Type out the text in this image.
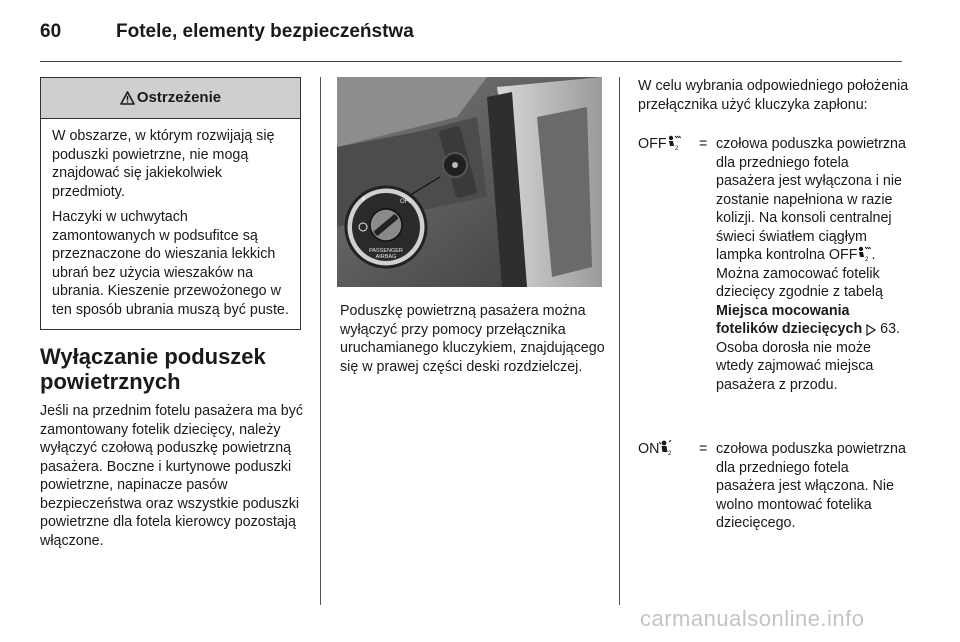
60	Fotele, elementy bezpieczeństwa
Ostrzeżenie

W obszarze, w którym rozwijają się poduszki powietrzne, nie mogą znajdować się jakiekolwiek przedmioty.

Haczyki w uchwytach zamontowanych w podsufitce są przeznaczone do wieszania lekkich ubrań bez użycia wieszaków na ubrania. Kieszenie przewożonego w ten sposób ubrania muszą być puste.

Wyłączanie poduszek powietrznych
Jeśli na przednim fotelu pasażera ma być zamontowany fotelik dziecięcy, należy wyłączyć czołową poduszkę powietrzną pasażera. Boczne i kurtynowe poduszki powietrzne, napinacze pasów bezpieczeństwa oraz wszystkie poduszki powietrzne dla fotela kierowcy pozostają włączone.
●	OFF
PASSENGER
AIRBAG
Poduszkę powietrzną pasażera można wyłączyć przy pomocy przełącznika uruchamianego kluczykiem, znajdującego się w prawej części deski rozdzielczej.
W celu wybrania odpowiedniego położenia przełącznika użyć kluczyka zapłonu:
OFF 2 = czołowa poduszka powietrzna dla przedniego fotela pasażera jest wyłączona i nie zostanie napełniona w razie kolizji. Na konsoli centralnej świeci światłem ciągłym lampka kontrolna OFF 2 . Można zamocować fotelik dziecięcy zgodnie z tabelą Miejsca mocowania fotelików dziecięcych 63.
Osoba dorosła nie może wtedy zajmować miejsca pasażera z przodu.
ON 2 = czołowa poduszka powietrzna dla przedniego fotela pasażera jest włączona. Nie wolno montować fotelika dziecięcego.
carmanualsonline.info
